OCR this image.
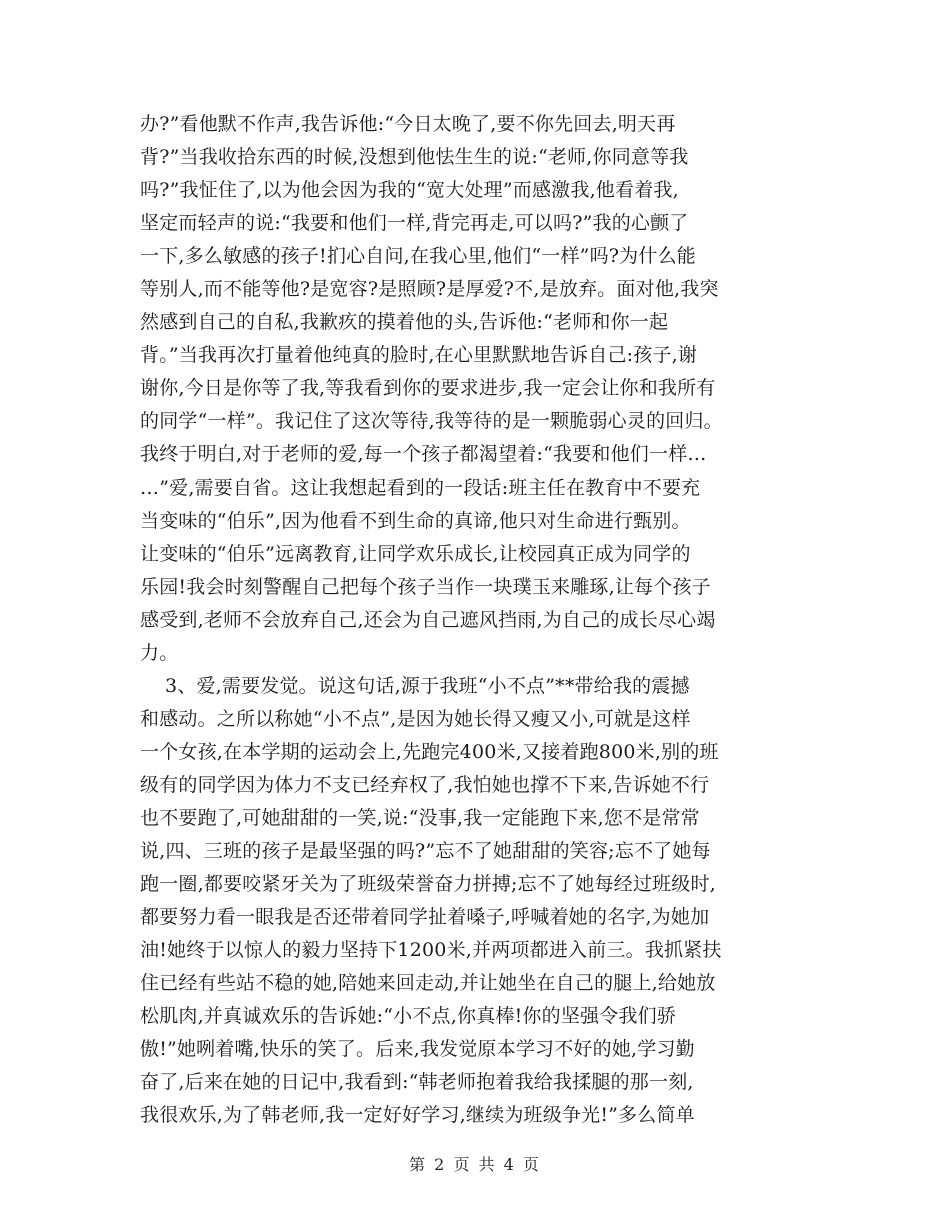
办?”看他默不作声,我告诉他:“今日太晚了,要不你先回去,明天再
背?”当我收拾东西的时候,没想到他怯生生的说:“老师,你同意等我
吗?”我怔住了,以为他会因为我的“宽大处理”而感激我,他看着我,
坚定而轻声的说:“我要和他们一样,背完再走,可以吗?”我的心颤了
一下,多么敏感的孩子!扪心自问,在我心里,他们“一样”吗?为什么能
等别人,而不能等他?是宽容?是照顾?是厚爱?不,是放弃。面对他,我突
然感到自己的自私,我歉疚的摸着他的头,告诉他:“老师和你一起
背。”当我再次打量着他纯真的脸时,在心里默默地告诉自己:孩子,谢
谢你,今日是你等了我,等我看到你的要求进步,我一定会让你和我所有
的同学“一样”。我记住了这次等待,我等待的是一颗脆弱心灵的回归。
我终于明白,对于老师的爱,每一个孩子都渴望着:“我要和他们一样…
…”爱,需要自省。这让我想起看到的一段话:班主任在教育中不要充
当变味的“伯乐”,因为他看不到生命的真谛,他只对生命进行甄别。
让变味的“伯乐”远离教育,让同学欢乐成长,让校园真正成为同学的
乐园!我会时刻警醒自己把每个孩子当作一块璞玉来雕琢,让每个孩子
感受到,老师不会放弃自己,还会为自己遮风挡雨,为自己的成长尽心竭
力。
3、爱,需要发觉。说这句话,源于我班“小不点”**带给我的震撼
和感动。之所以称她“小不点”,是因为她长得又瘦又小,可就是这样
一个女孩,在本学期的运动会上,先跑完400米,又接着跑800米,别的班
级有的同学因为体力不支已经弃权了,我怕她也撑不下来,告诉她不行
也不要跑了,可她甜甜的一笑,说:“没事,我一定能跑下来,您不是常常
说,四、三班的孩子是最坚强的吗?”忘不了她甜甜的笑容;忘不了她每
跑一圈,都要咬紧牙关为了班级荣誉奋力拼搏;忘不了她每经过班级时,
都要努力看一眼我是否还带着同学扯着嗓子,呼喊着她的名字,为她加
油!她终于以惊人的毅力坚持下1200米,并两项都进入前三。我抓紧扶
住已经有些站不稳的她,陪她来回走动,并让她坐在自己的腿上,给她放
松肌肉,并真诚欢乐的告诉她:“小不点,你真棒!你的坚强令我们骄
傲!”她咧着嘴,快乐的笑了。后来,我发觉原本学习不好的她,学习勤
奋了,后来在她的日记中,我看到:“韩老师抱着我给我揉腿的那一刻,
我很欢乐,为了韩老师,我一定好好学习,继续为班级争光!”多么简单
第 2 页 共 4 页
